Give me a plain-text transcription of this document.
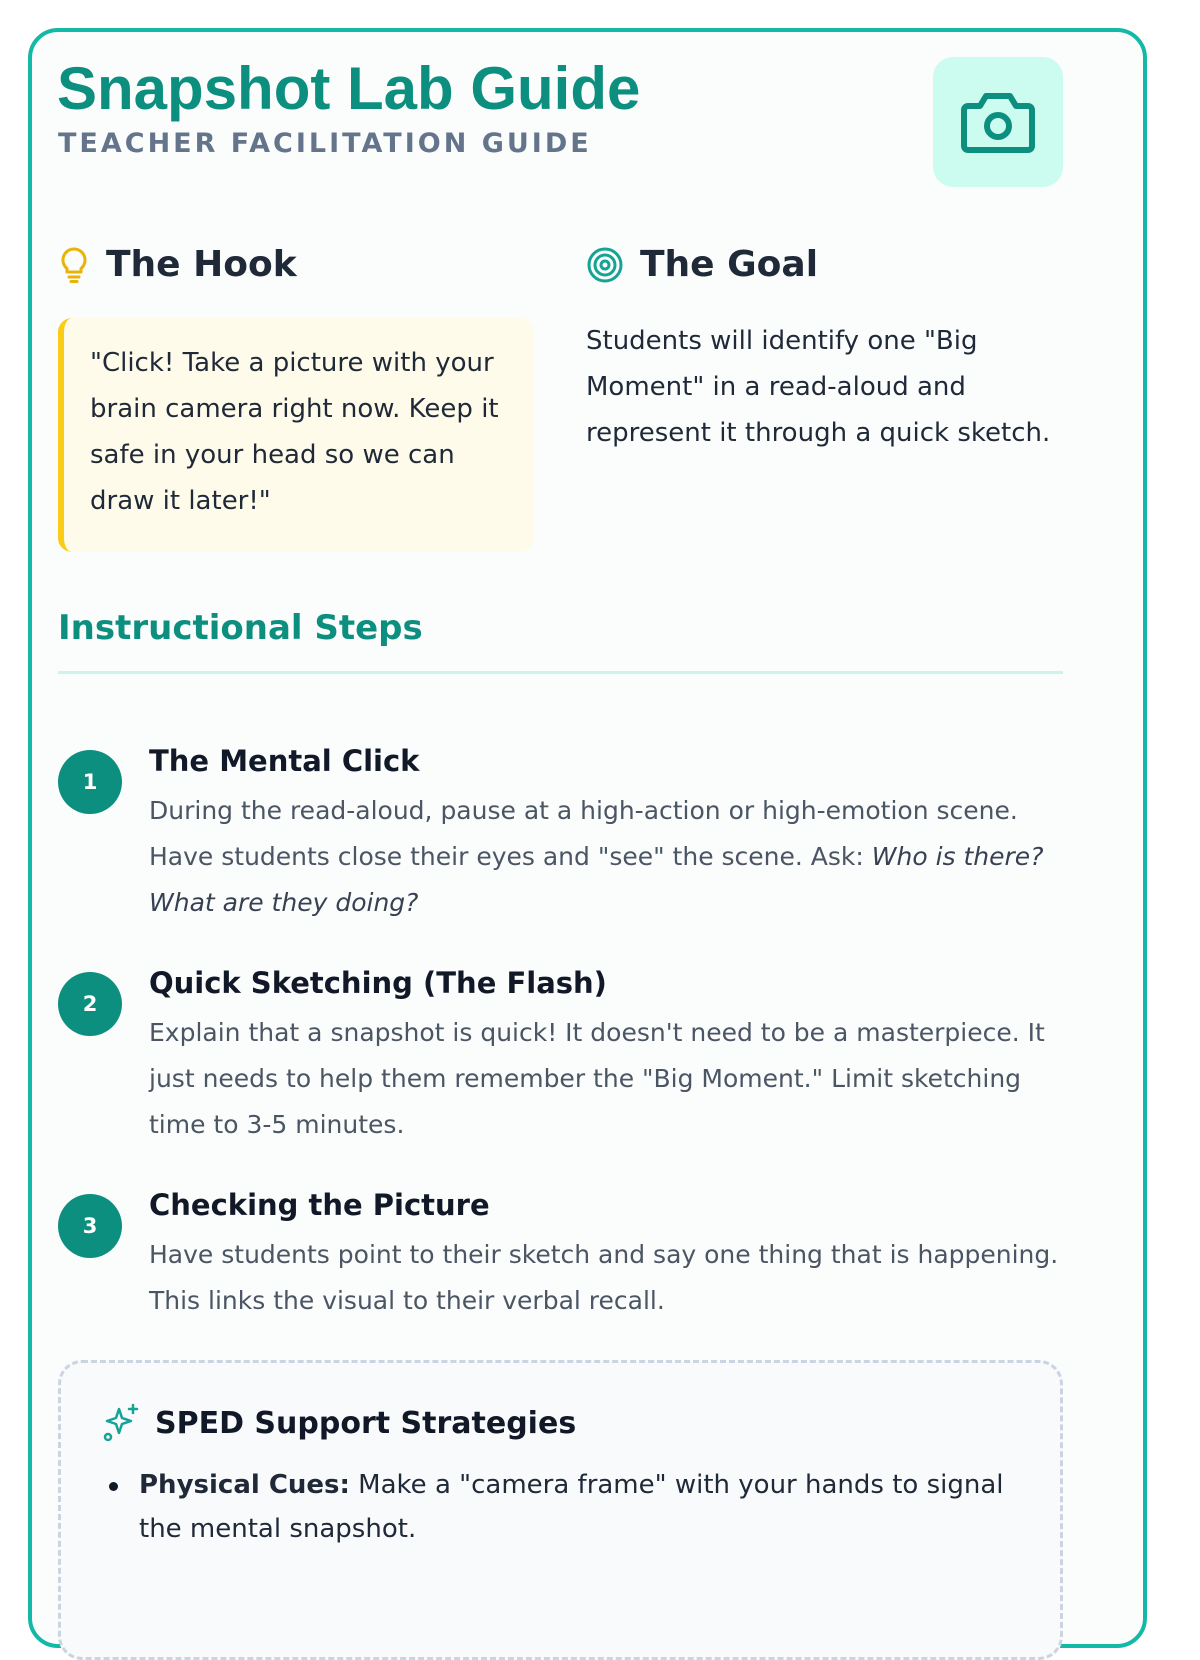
Snapshot Lab Guide
TEACHER FACILITATION GUIDE
The Hook
"Click! Take a picture with your brain camera right now. Keep it safe in your head so we can draw it later!"
The Goal
Students will identify one "Big Moment" in a read-aloud and represent it through a quick sketch.
Instructional Steps
1
The Mental Click
During the read-aloud, pause at a high-action or high-emotion scene. Have students close their eyes and "see" the scene. Ask: Who is there? What are they doing?
2
Quick Sketching (The Flash)
Explain that a snapshot is quick! It doesn't need to be a masterpiece. It just needs to help them remember the "Big Moment." Limit sketching time to 3-5 minutes.
3
Checking the Picture
Have students point to their sketch and say one thing that is happening. This links the visual to their verbal recall.
SPED Support Strategies
Physical Cues: Make a "camera frame" with your hands to signal the mental snapshot.
